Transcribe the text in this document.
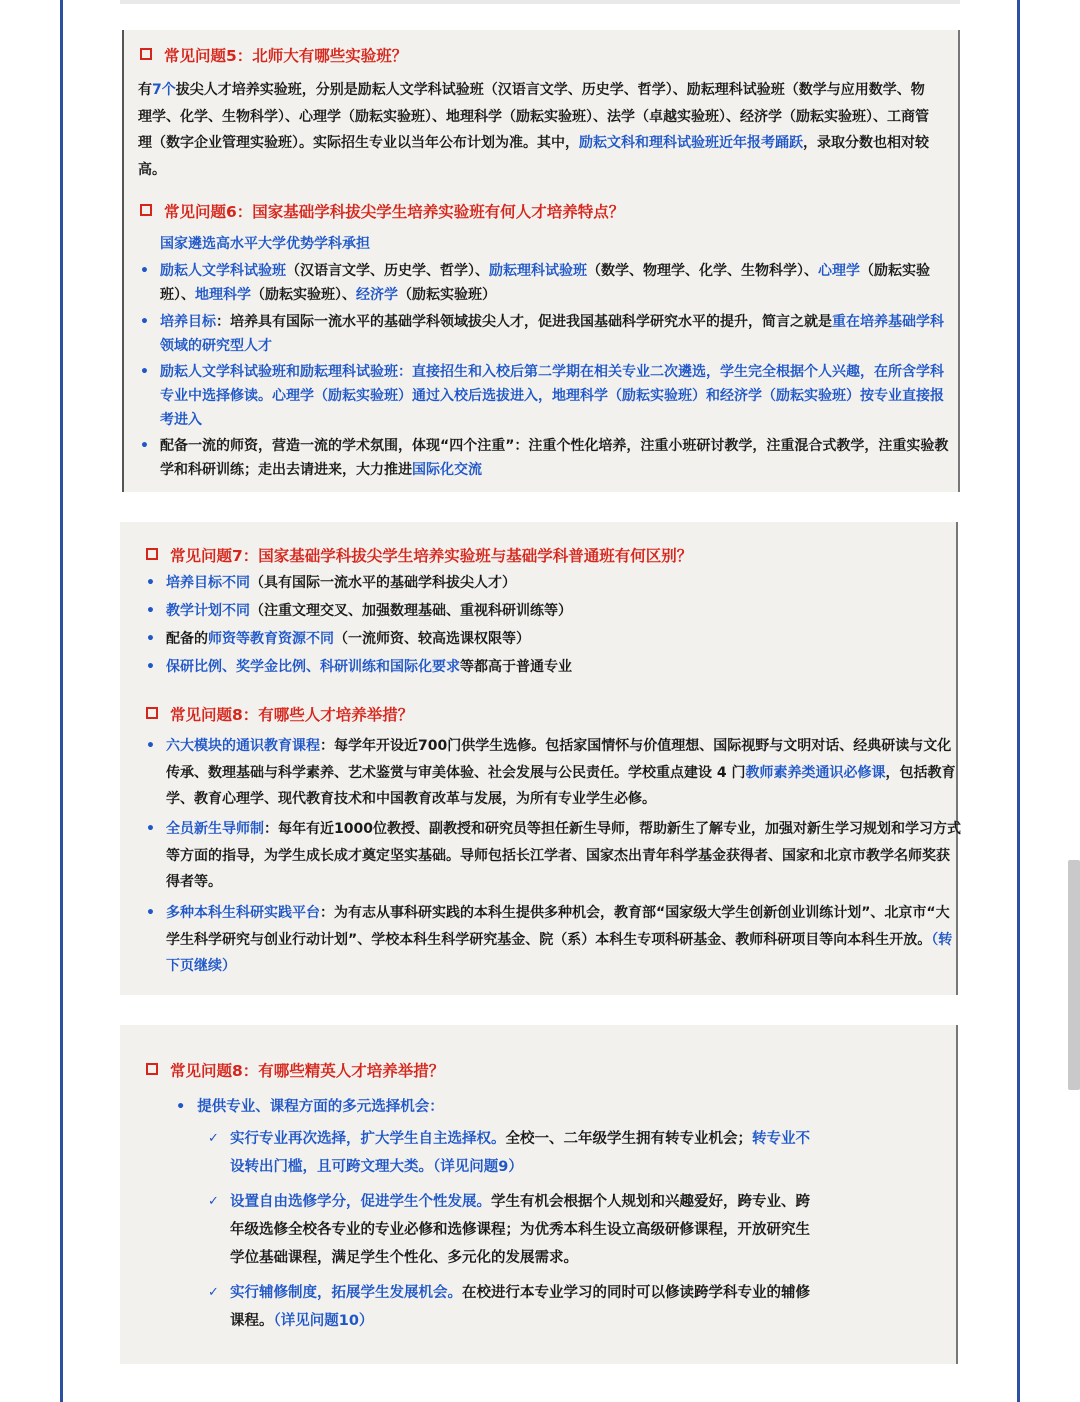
常见问题5：北师大有哪些实验班？
有7个拔尖人才培养实验班，分别是励耘人文学科试验班（汉语言文学、历史学、哲学）、励耘理科试验班（数学与应用数学、物理学、化学、生物科学）、心理学（励耘实验班）、地理科学（励耘实验班）、法学（卓越实验班）、经济学（励耘实验班）、工商管理（数字企业管理实验班）。实际招生专业以当年公布计划为准。其中，励耘文科和理科试验班近年报考踊跃，录取分数也相对较高。
常见问题6：国家基础学科拔尖学生培养实验班有何人才培养特点？
国家遴选高水平大学优势学科承担
• 励耘人文学科试验班（汉语言文学、历史学、哲学）、励耘理科试验班（数学、物理学、化学、生物科学）、心理学（励耘实验班）、地理科学（励耘实验班）、经济学（励耘实验班）
• 培养目标：培养具有国际一流水平的基础学科领域拔尖人才，促进我国基础科学研究水平的提升，简言之就是重在培养基础学科领域的研究型人才
• 励耘人文学科试验班和励耘理科试验班：直接招生和入校后第二学期在相关专业二次遴选，学生完全根据个人兴趣，在所含学科专业中选择修读。心理学（励耘实验班）通过入校后选拔进入，地理科学（励耘实验班）和经济学（励耘实验班）按专业直接报考进入
• 配备一流的师资，营造一流的学术氛围，体现“四个注重”：注重个性化培养，注重小班研讨教学，注重混合式教学，注重实验教学和科研训练；走出去请进来，大力推进国际化交流
常见问题7：国家基础学科拔尖学生培养实验班与基础学科普通班有何区别？
• 培养目标不同（具有国际一流水平的基础学科拔尖人才）
• 教学计划不同（注重文理交叉、加强数理基础、重视科研训练等）
• 配备的师资等教育资源不同（一流师资、较高选课权限等）
• 保研比例、奖学金比例、科研训练和国际化要求等都高于普通专业
常见问题8：有哪些人才培养举措？
• 六大模块的通识教育课程：每学年开设近700门供学生选修。包括家国情怀与价值理想、国际视野与文明对话、经典研读与文化传承、数理基础与科学素养、艺术鉴赏与审美体验、社会发展与公民责任。学校重点建设 4 门教师素养类通识必修课，包括教育学、教育心理学、现代教育技术和中国教育改革与发展，为所有专业学生必修。
• 全员新生导师制：每年有近1000位教授、副教授和研究员等担任新生导师，帮助新生了解专业，加强对新生学习规划和学习方式等方面的指导，为学生成长成才奠定坚实基础。导师包括长江学者、国家杰出青年科学基金获得者、国家和北京市教学名师奖获得者等。
• 多种本科生科研实践平台：为有志从事科研实践的本科生提供多种机会，教育部“国家级大学生创新创业训练计划”、北京市“大学生科学研究与创业行动计划”、学校本科生科学研究基金、院（系）本科生专项科研基金、教师科研项目等向本科生开放。（转下页继续）
常见问题8：有哪些精英人才培养举措？
• 提供专业、课程方面的多元选择机会：
✓ 实行专业再次选择，扩大学生自主选择权。全校一、二年级学生拥有转专业机会；转专业不设转出门槛，且可跨文理大类。（详见问题9）
✓ 设置自由选修学分，促进学生个性发展。学生有机会根据个人规划和兴趣爱好，跨专业、跨年级选修全校各专业的专业必修和选修课程；为优秀本科生设立高级研修课程，开放研究生学位基础课程，满足学生个性化、多元化的发展需求。
✓ 实行辅修制度，拓展学生发展机会。在校进行本专业学习的同时可以修读跨学科专业的辅修课程。（详见问题10）
